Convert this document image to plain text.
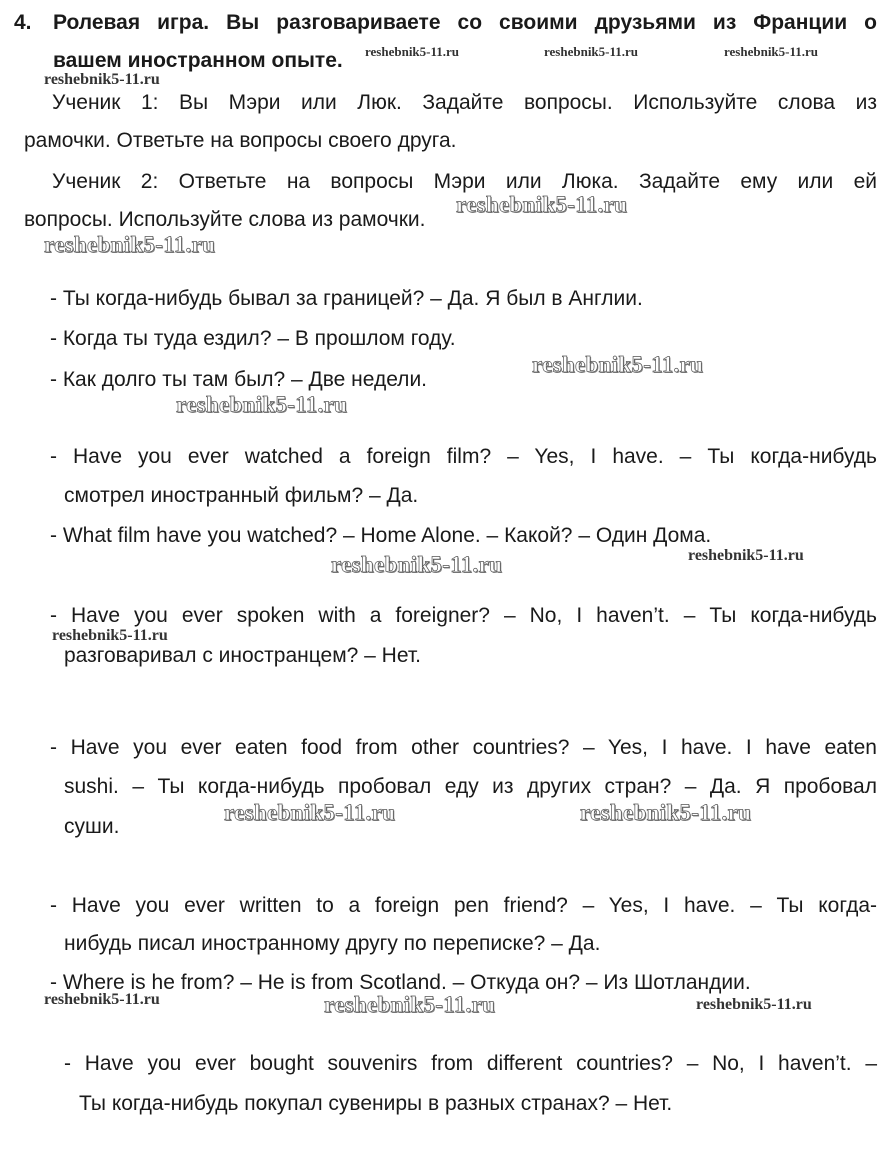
4. Ролевая игра. Вы разговариваете со своими друзьями из Франции о
вашем иностранном опыте.
Ученик 1: Вы Мэри или Люк. Задайте вопросы. Используйте слова из
рамочки. Ответьте на вопросы своего друга.
Ученик 2: Ответьте на вопросы Мэри или Люка. Задайте ему или ей
вопросы. Используйте слова из рамочки.
- Ты когда-нибудь бывал за границей? – Да. Я был в Англии.
- Когда ты туда ездил? – В прошлом году.
- Как долго ты там был? – Две недели.
- Have you ever watched a foreign film? – Yes, I have. – Ты когда-нибудь
смотрел иностранный фильм? – Да.
- What film have you watched? – Home Alone. – Какой? – Один Дома.
- Have you ever spoken with a foreigner? – No, I haven’t. – Ты когда-нибудь
разговаривал с иностранцем? – Нет.
- Have you ever eaten food from other countries? – Yes, I have. I have eaten
sushi. – Ты когда-нибудь пробовал еду из других стран? – Да. Я пробовал
суши.
- Have you ever written to a foreign pen friend? – Yes, I have. – Ты когда-
нибудь писал иностранному другу по переписке? – Да.
- Where is he from? – He is from Scotland. – Откуда он? – Из Шотландии.
- Have you ever bought souvenirs from different countries? – No, I haven’t. –
Ты когда-нибудь покупал сувениры в разных странах? – Нет.
reshebnik5-11.ru	reshebnik5-11.ru	reshebnik5-11.ru
reshebnik5-11.ru
reshebnik5-11.ru
reshebnik5-11.ru
reshebnik5-11.ru
reshebnik5-11.ru
reshebnik5-11.ru
reshebnik5-11.ru
reshebnik5-11.ru
reshebnik5-11.ru	reshebnik5-11.ru
reshebnik5-11.ru	reshebnik5-11.ru	reshebnik5-11.ru
